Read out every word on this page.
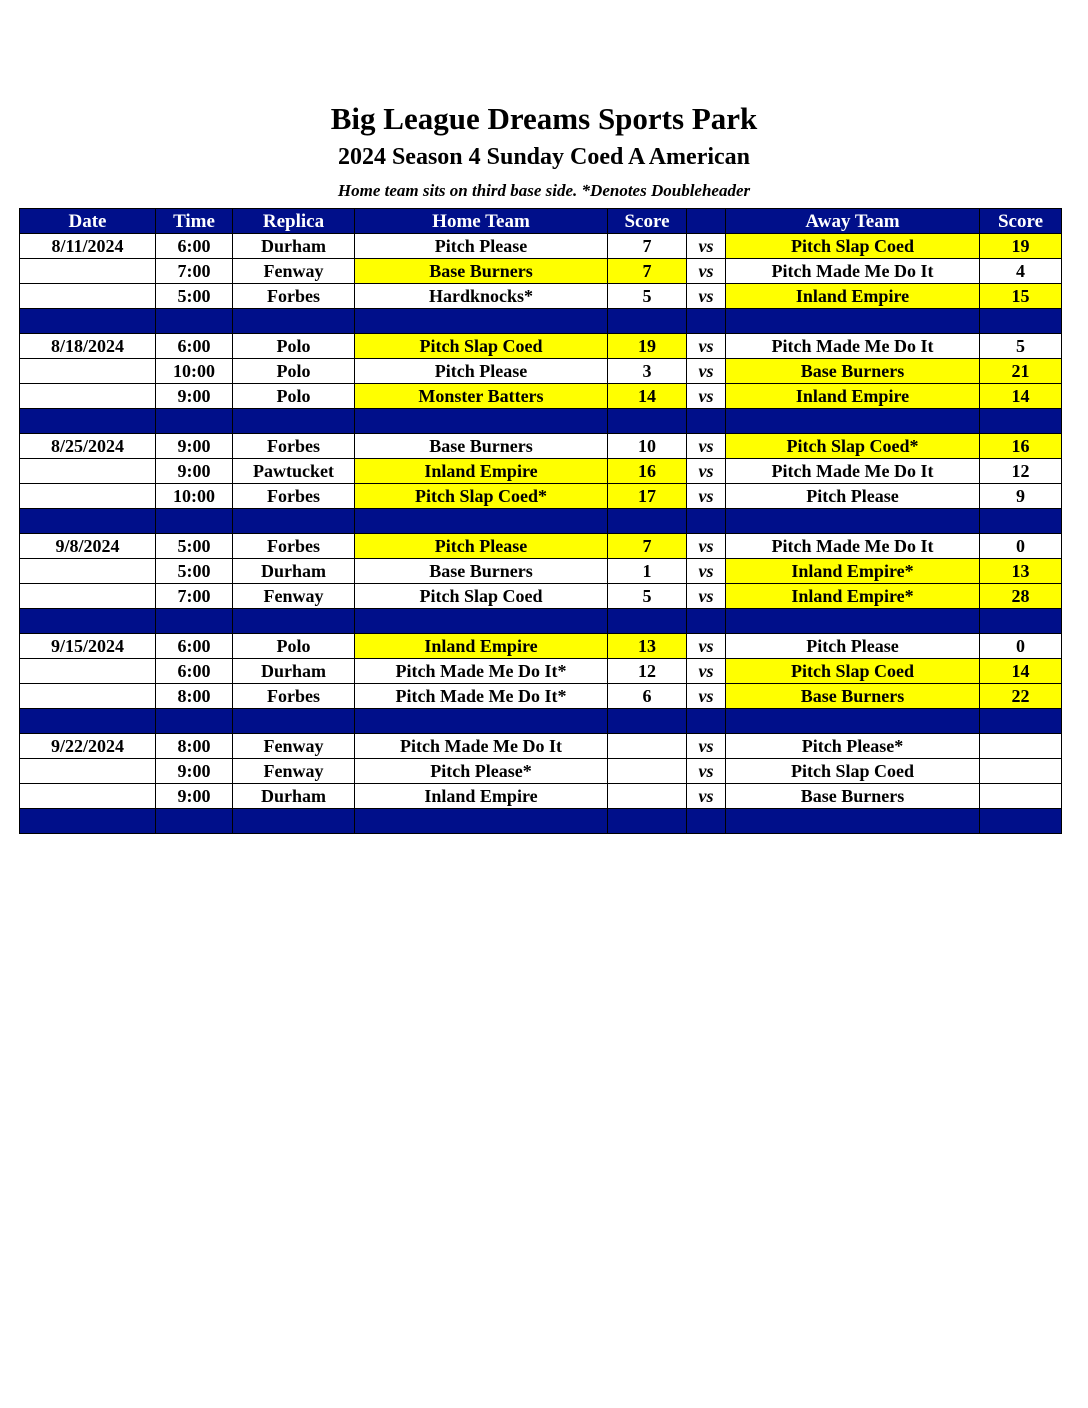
Big League Dreams Sports Park
2024 Season 4 Sunday Coed A American
Home team sits on third base side. *Denotes Doubleheader
Date	Time	Replica	Home Team	Score		Away Team	Score
8/11/2024	6:00	Durham	Pitch Please	7	vs	Pitch Slap Coed	19
	7:00	Fenway	Base Burners	7	vs	Pitch Made Me Do It	4
	5:00	Forbes	Hardknocks*	5	vs	Inland Empire	15

8/18/2024	6:00	Polo	Pitch Slap Coed	19	vs	Pitch Made Me Do It	5
	10:00	Polo	Pitch Please	3	vs	Base Burners	21
	9:00	Polo	Monster Batters	14	vs	Inland Empire	14

8/25/2024	9:00	Forbes	Base Burners	10	vs	Pitch Slap Coed*	16
	9:00	Pawtucket	Inland Empire	16	vs	Pitch Made Me Do It	12
	10:00	Forbes	Pitch Slap Coed*	17	vs	Pitch Please	9

9/8/2024	5:00	Forbes	Pitch Please	7	vs	Pitch Made Me Do It	0
	5:00	Durham	Base Burners	1	vs	Inland Empire*	13
	7:00	Fenway	Pitch Slap Coed	5	vs	Inland Empire*	28

9/15/2024	6:00	Polo	Inland Empire	13	vs	Pitch Please	0
	6:00	Durham	Pitch Made Me Do It*	12	vs	Pitch Slap Coed	14
	8:00	Forbes	Pitch Made Me Do It*	6	vs	Base Burners	22

9/22/2024	8:00	Fenway	Pitch Made Me Do It		vs	Pitch Please*	
	9:00	Fenway	Pitch Please*		vs	Pitch Slap Coed	
	9:00	Durham	Inland Empire		vs	Base Burners	
